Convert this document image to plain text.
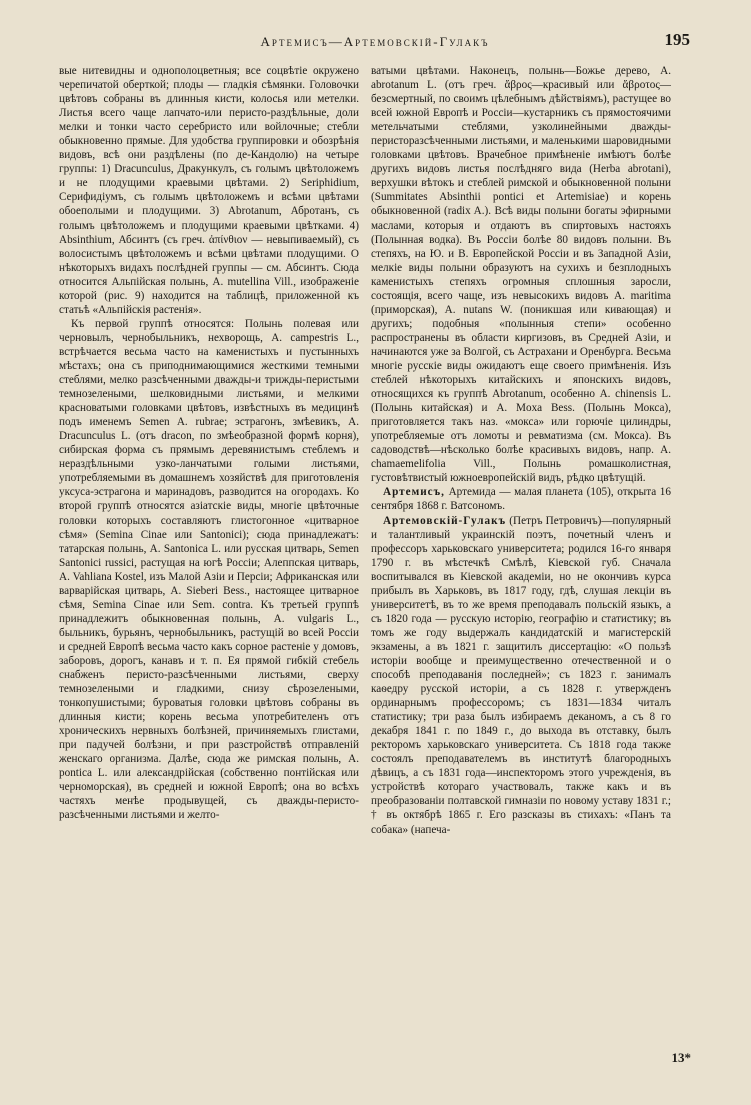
Артемисъ—Артемовскій-Гулакъ	195

вые нитевидны и однополоцветныя; все соцвѣтіе окружено черепичатой оберткой; плоды — гладкія сѣмянки. Головочки цвѣтовъ собраны въ длинныя кисти, колосья или метелки. Листья всего чаще лапчато-или перисто-раздѣльные, доли мелки и тонки часто серебристо или войлочные; стебли обыкновенно прямые. Для удобства группировки и обозрѣнія видовъ, всѣ они раздѣлены (по де-Кандолю) на четыре группы: 1) Dracunculus, Дракункулъ, съ голымъ цвѣтоложемъ и не плодущими краевыми цвѣтами. 2) Seriphidium, Серифидіумъ, съ голымъ цвѣтоложемъ и всѣми цвѣтами обоеполыми и плодущими. 3) Abrotanum, Абротанъ, съ голымъ цвѣтоложемъ и плодущими краевыми цвѣтками. 4) Absinthium, Абсинтъ (съ греч. ἀπίνθιον — невыпиваемый), съ волосистымъ цвѣтоложемъ и всѣми цвѣтами плодущими. О нѣкоторыхъ видахъ послѣдней группы — см. Абсинтъ. Сюда относится Альпійская полынь, A. mutellina Vill., изображеніе которой (рис. 9) находится на таблицѣ, приложенной къ статьѣ «Альпійскія растенія».

Къ первой группѣ относятся: Полынь полевая или черновылъ, чернобыльникъ, нехворощь, A. campestris L., встрѣчается весьма часто на каменистыхъ и пустынныхъ мѣстахъ; она съ приподнимающимися жесткими темными стеблями, мелко разсѣченными дважды-и трижды-перистыми темнозелеными, шелковидными листьями, и мелкими красноватыми головками цвѣтовъ, извѣстныхъ въ медицинѣ подъ именемъ Semen A. rubrae; эстрагонъ, змѣевикъ, A. Dracunculus L. (отъ dracon, по змѣеобразной формѣ корня), сибирская форма съ прямымъ деревянистымъ стеблемъ и нераздѣльными узко-ланчатыми голыми листьями, употребляемыми въ домашнемъ хозяйствѣ для приготовленія уксуса-эстрагона и маринадовъ, разводится на огородахъ. Ко второй группѣ относятся азіатскіе виды, многіе цвѣточные головки которыхъ составляютъ глистогонное «цитварное сѣмя» (Semina Cinae или Santonici); сюда принадлежатъ: татарская полынь, A. Santonica L. или русская цитварь, Semen Santonici russici, растущая на югѣ Россіи; Алеппская цитварь, A. Vahliana Kostel, изъ Малой Азіи и Персіи; Африканская или варварійская цитварь, A. Sieberi Bess., настоящее цитварное сѣмя, Semina Cinae или Sem. contra. Къ третьей группѣ принадлежитъ обыкновенная полынь, A. vulgaris L., быльникъ, бурьянъ, чернобыльникъ, растущій во всей Россіи и средней Европѣ весьма часто какъ сорное растеніе у домовъ, заборовъ, дорогъ, канавъ и т. п. Ея прямой гибкій стебель снабженъ перисто-разсѣченными листьями, сверху темнозелеными и гладкими, снизу сѣрозелеными, тонкопушистыми; буроватыя головки цвѣтовъ собраны въ длинныя кисти; корень весьма употребителенъ отъ хроническихъ нервныхъ болѣзней, причиняемыхъ глистами, при падучей болѣзни, и при разстройствѣ отправленій женскаго организма. Далѣе, сюда же римская полынь, A. pontica L. или александрійская (собственно понтійская или черноморская), въ средней и южной Европѣ; она во всѣхъ частяхъ менѣе продывущей, съ дважды-перисто-разсѣченными листьями и желто-

ватыми цвѣтами. Наконецъ, полынь—Божье дерево, A. abrotanum L. (отъ греч. ἄβρος—красивый или ἄβροτος—безсмертный, по своимъ цѣлебнымъ дѣйствіямъ), растущее во всей южной Европѣ и Россіи—кустарникъ съ прямостоячими метельчатыми стеблями, узколинейными дважды-перисторазсѣченными листьями, и маленькими шаровидными головками цвѣтовъ. Врачебное примѣненіе имѣютъ болѣе другихъ видовъ листья послѣдняго вида (Herba abrotani), верхушки вѣтокъ и стеблей римской и обыкновенной полыни (Summitates Absinthii pontici et Artemisiae) и корень обыкновенной (radix A.). Всѣ виды полыни богаты эфирными маслами, которыя и отдаютъ въ спиртовыхъ настояхъ (Полынная водка). Въ Россіи болѣе 80 видовъ полыни. Въ степяхъ, на Ю. и В. Европейской Россіи и въ Западной Азіи, мелкіе виды полыни образуютъ на сухихъ и безплодныхъ каменистыхъ степяхъ огромныя сплошныя заросли, состоящія, всего чаще, изъ невысокихъ видовъ A. maritima (приморская), A. nutans W. (поникшая или кивающая) и другихъ; подобныя «полынныя степи» особенно распространены въ области киргизовъ, въ Средней Азіи, и начинаются уже за Волгой, съ Астрахани и Оренбурга. Весьма многіе русскіе виды ожидаютъ еще своего примѣненія. Изъ стеблей нѣкоторыхъ китайскихъ и японскихъ видовъ, относящихся къ группѣ Abrotanum, особенно A. chinensis L. (Полынь китайская) и A. Moxa Bess. (Полынь Мокса), приготовляется такъ наз. «мокса» или горючіе цилиндры, употребляемые отъ ломоты и ревматизма (см. Мокса). Въ садоводствѣ—нѣсколько болѣе красивыхъ видовъ, напр. A. chamaemelifolia Vill., Полынь ромашколистная, густовѣтвистый южноевропейскій видъ, рѣдко цвѣтущій.

Артемисъ, Артемида — малая планета (105), открыта 16 сентября 1868 г. Ватсономъ.

Артемовскій-Гулакъ (Петръ Петровичъ)—популярный и талантливый украинскій поэтъ, почетный членъ и профессоръ харьковскаго университета; родился 16-го января 1790 г. въ мѣстечкѣ Смѣлѣ, Кіевской губ. Сначала воспитывался въ Кіевской академіи, но не окончивъ курса прибылъ въ Харьковъ, въ 1817 году, гдѣ, слушая лекціи въ университетѣ, въ то же время преподавалъ польскій языкъ, а съ 1820 года — русскую исторію, географію и статистику; въ томъ же году выдержалъ кандидатскій и магистерскій экзамены, а въ 1821 г. защитилъ диссертацію: «О пользѣ исторіи вообще и преимущественно отечественной и о способѣ преподаванія последней»; съ 1823 г. занималъ каѳедру русской исторіи, а съ 1828 г. утвержденъ ординарнымъ профессоромъ; съ 1831—1834 читалъ статистику; три раза былъ избираемъ деканомъ, а съ 8 го декабря 1841 г. по 1849 г., до выхода въ отставку, былъ ректоромъ харьковскаго университета. Съ 1818 года также состоялъ преподавателемъ въ институтѣ благородныхъ дѣвицъ, а съ 1831 года—инспекторомъ этого учрежденія, въ устройствѣ котораго участвовалъ, также какъ и въ преобразованіи полтавской гимназіи по новому уставу 1831 г.; † въ октябрѣ 1865 г. Его разсказы въ стихахъ: «Панъ та собака» (напеча-

13*
